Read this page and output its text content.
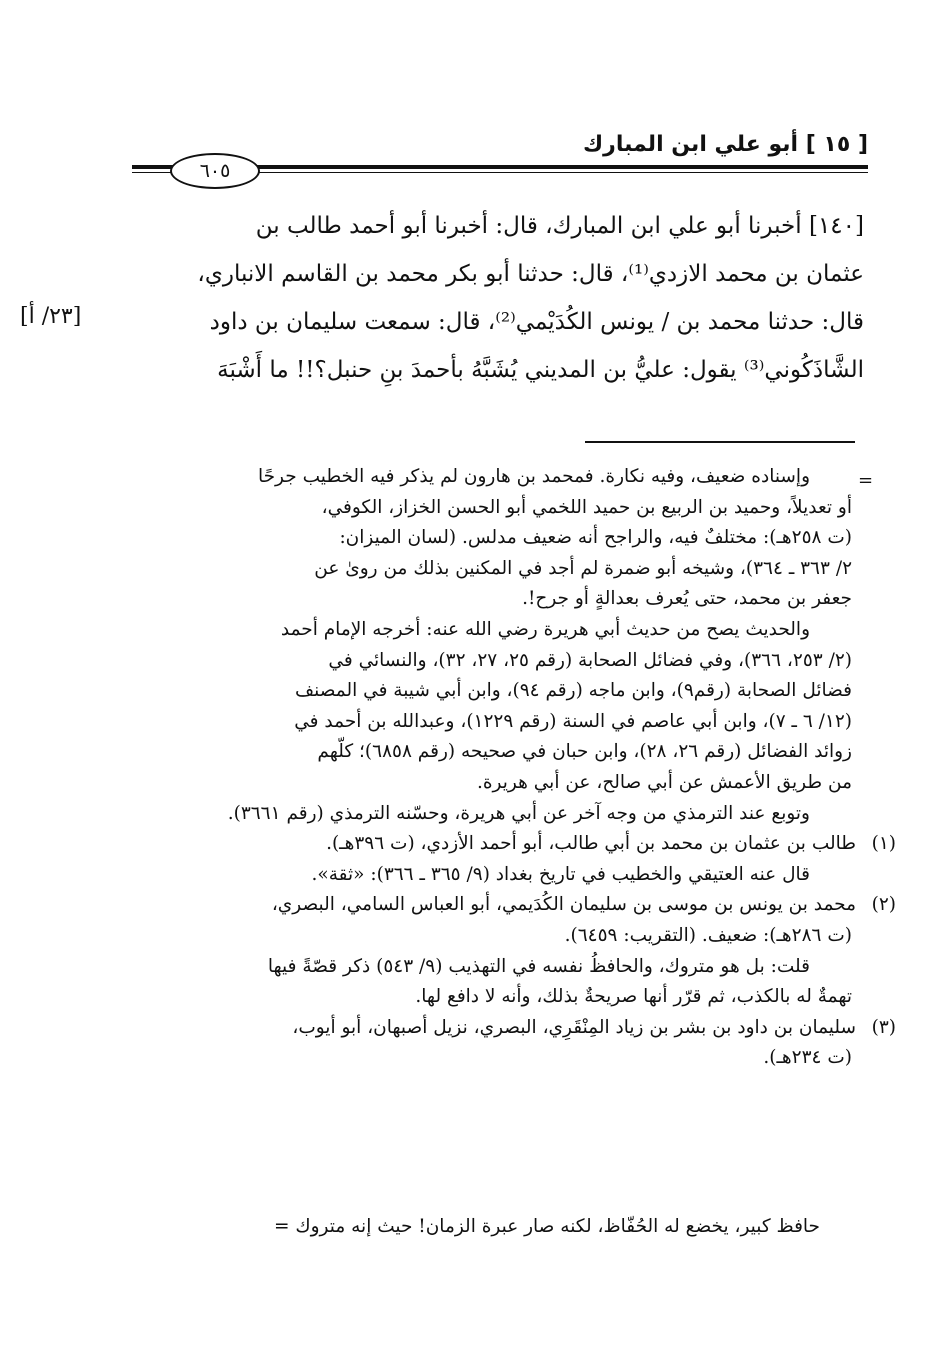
[ ١٥ ] أبو علي ابن المبارك
٦٠٥
[٢٣/ أ]
[١٤٠] أخبرنا أبو علي ابن المبارك، قال: أخبرنا أبو أحمد طالب بن
عثمان بن محمد الازدي⁽¹⁾، قال: حدثنا أبو بكر محمد بن القاسم الانباري،
قال: حدثنا محمد بن / يونس الكُدَيْمي⁽²⁾، قال: سمعت سليمان بن داود
الشَّاذَكُوني⁽³⁾ يقول: عليُّ بن المديني يُشَبَّهُ بأحمدَ بنِ حنبل؟!! ما أَشْبَهَ
=
وإسناده ضعيف، وفيه نكارة. فمحمد بن هارون لم يذكر فيه الخطيب جرحًا
أو تعديلاً، وحميد بن الربيع بن حميد اللخمي أبو الحسن الخزاز، الكوفي،
(ت ٢٥٨هـ): مختلفٌ فيه، والراجح أنه ضعيف مدلس. (لسان الميزان:
٢/ ٣٦٣ ـ ٣٦٤)، وشيخه أبو ضمرة لم أجد في المكنين بذلك من روىٰ عن
جعفر بن محمد، حتى يُعرف بعدالةٍ أو جرح!.
والحديث يصح من حديث أبي هريرة رضي الله عنه: أخرجه الإمام أحمد
(٢/ ٢٥٣، ٣٦٦)، وفي فضائل الصحابة (رقم ٢٥، ٢٧، ٣٢)، والنسائي في
فضائل الصحابة (رقم٩)، وابن ماجه (رقم ٩٤)، وابن أبي شيبة في المصنف
(١٢/ ٦ ـ ٧)، وابن أبي عاصم في السنة (رقم ١٢٢٩)، وعبدالله بن أحمد في
زوائد الفضائل (رقم ٢٦، ٢٨)، وابن حبان في صحيحه (رقم ٦٨٥٨)؛ كلّهم
من طريق الأعمش عن أبي صالح، عن أبي هريرة.
وتوبع عند الترمذي من وجه آخر عن أبي هريرة، وحسّنه الترمذي (رقم ٣٦٦١).
(١)
طالب بن عثمان بن محمد بن أبي طالب، أبو أحمد الأزدي، (ت ٣٩٦هـ).
قال عنه العتيقي والخطيب في تاريخ بغداد (٩/ ٣٦٥ ـ ٣٦٦): «ثقة».
(٢)
محمد بن يونس بن موسى بن سليمان الكُدَيمي، أبو العباس السامي، البصري،
(ت ٢٨٦هـ): ضعيف. (التقريب: ٦٤٥٩).
قلت: بل هو متروك، والحافظُ نفسه في التهذيب (٩/ ٥٤٣) ذكر قصّةً فيها
تهمةٌ له بالكذب، ثم قرّر أنها صريحةٌ بذلك، وأنه لا دافع لها.
(٣)
سليمان بن داود بن بشر بن زياد المِنْقَرِي، البصري، نزيل أصبهان، أبو أيوب،
(ت ٢٣٤هـ).
حافظ كبير، يخضع له الحُفّاظ، لكنه صار عبرة الزمان! حيث إنه متروك =
